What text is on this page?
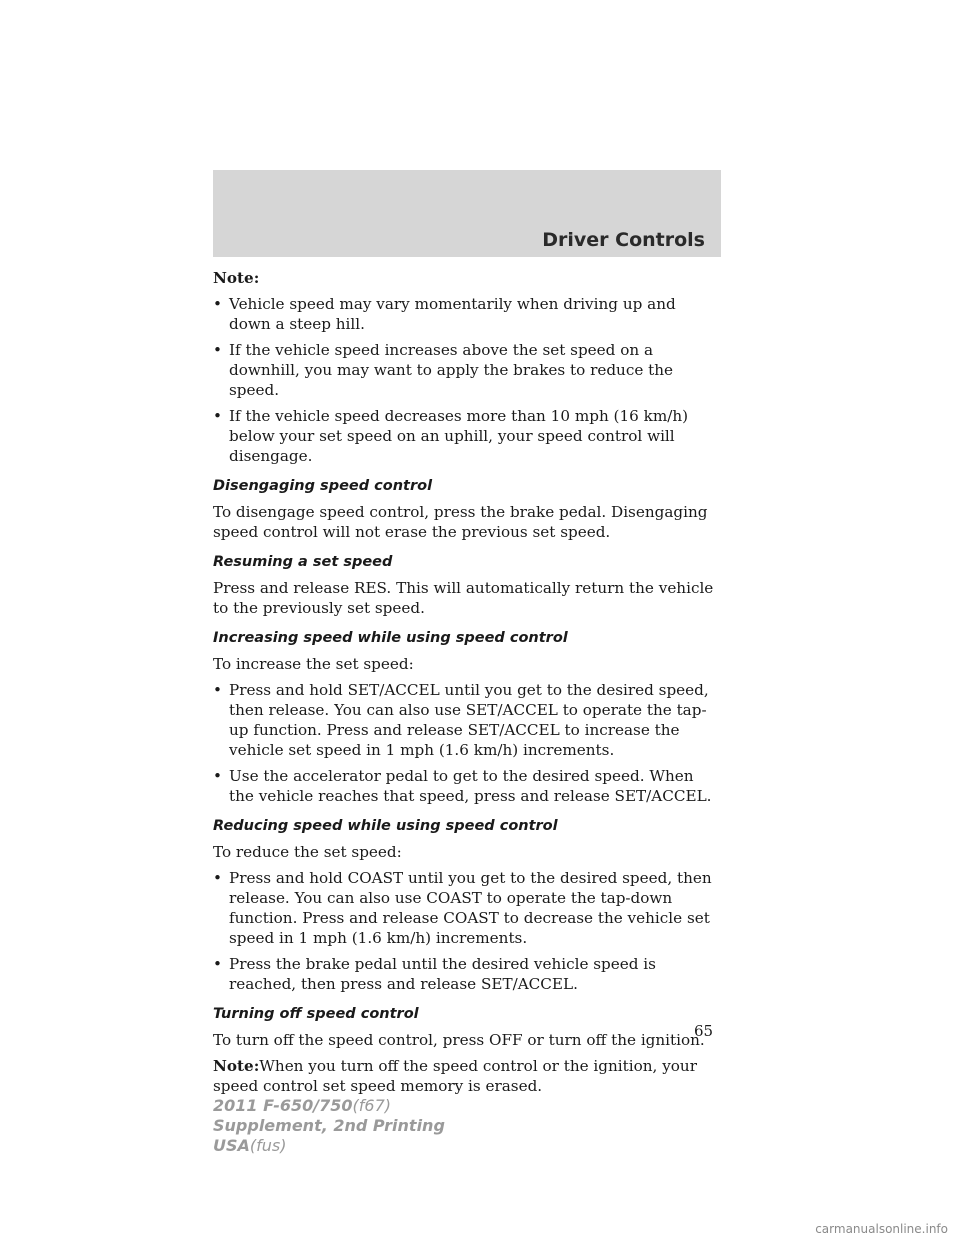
Driver Controls

Note:

• Vehicle speed may vary momentarily when driving up and down a steep hill.
• If the vehicle speed increases above the set speed on a downhill, you may want to apply the brakes to reduce the speed.
• If the vehicle speed decreases more than 10 mph (16 km/h) below your set speed on an uphill, your speed control will disengage.
Disengaging speed control

To disengage speed control, press the brake pedal. Disengaging speed control will not erase the previous set speed.

Resuming a set speed

Press and release RES. This will automatically return the vehicle to the previously set speed.

Increasing speed while using speed control

To increase the set speed:

• Press and hold SET/ACCEL until you get to the desired speed, then release. You can also use SET/ACCEL to operate the tap-up function. Press and release SET/ACCEL to increase the vehicle set speed in 1 mph (1.6 km/h) increments.
• Use the accelerator pedal to get to the desired speed. When the vehicle reaches that speed, press and release SET/ACCEL.
Reducing speed while using speed control

To reduce the set speed:

• Press and hold COAST until you get to the desired speed, then release. You can also use COAST to operate the tap-down function. Press and release COAST to decrease the vehicle set speed in 1 mph (1.6 km/h) increments.
• Press the brake pedal until the desired vehicle speed is reached, then press and release SET/ACCEL.
Turning off speed control

To turn off the speed control, press OFF or turn off the ignition.

Note:When you turn off the speed control or the ignition, your speed control set speed memory is erased.

65
2011 F-650/750(f67)
Supplement, 2nd Printing
USA(fus)
carmanualsonline.info
